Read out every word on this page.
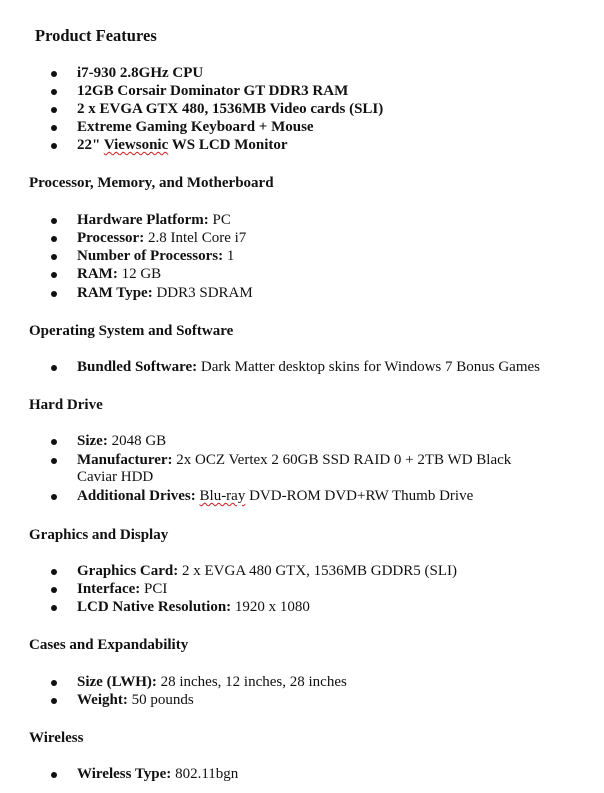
Product Features
i7-930 2.8GHz CPU
12GB Corsair Dominator GT DDR3 RAM
2 x EVGA GTX 480, 1536MB Video cards (SLI)
Extreme Gaming Keyboard + Mouse
22" Viewsonic WS LCD Monitor
Processor, Memory, and Motherboard
Hardware Platform: PC
Processor: 2.8 Intel Core i7
Number of Processors: 1
RAM: 12 GB
RAM Type: DDR3 SDRAM
Operating System and Software
Bundled Software: Dark Matter desktop skins for Windows 7 Bonus Games
Hard Drive
Size: 2048 GB
Manufacturer: 2x OCZ Vertex 2 60GB SSD RAID 0 + 2TB WD Black
Caviar HDD
Additional Drives: Blu-ray DVD-ROM DVD+RW Thumb Drive
Graphics and Display
Graphics Card: 2 x EVGA 480 GTX, 1536MB GDDR5 (SLI)
Interface: PCI
LCD Native Resolution: 1920 x 1080
Cases and Expandability
Size (LWH): 28 inches, 12 inches, 28 inches
Weight: 50 pounds
Wireless
Wireless Type: 802.11bgn
